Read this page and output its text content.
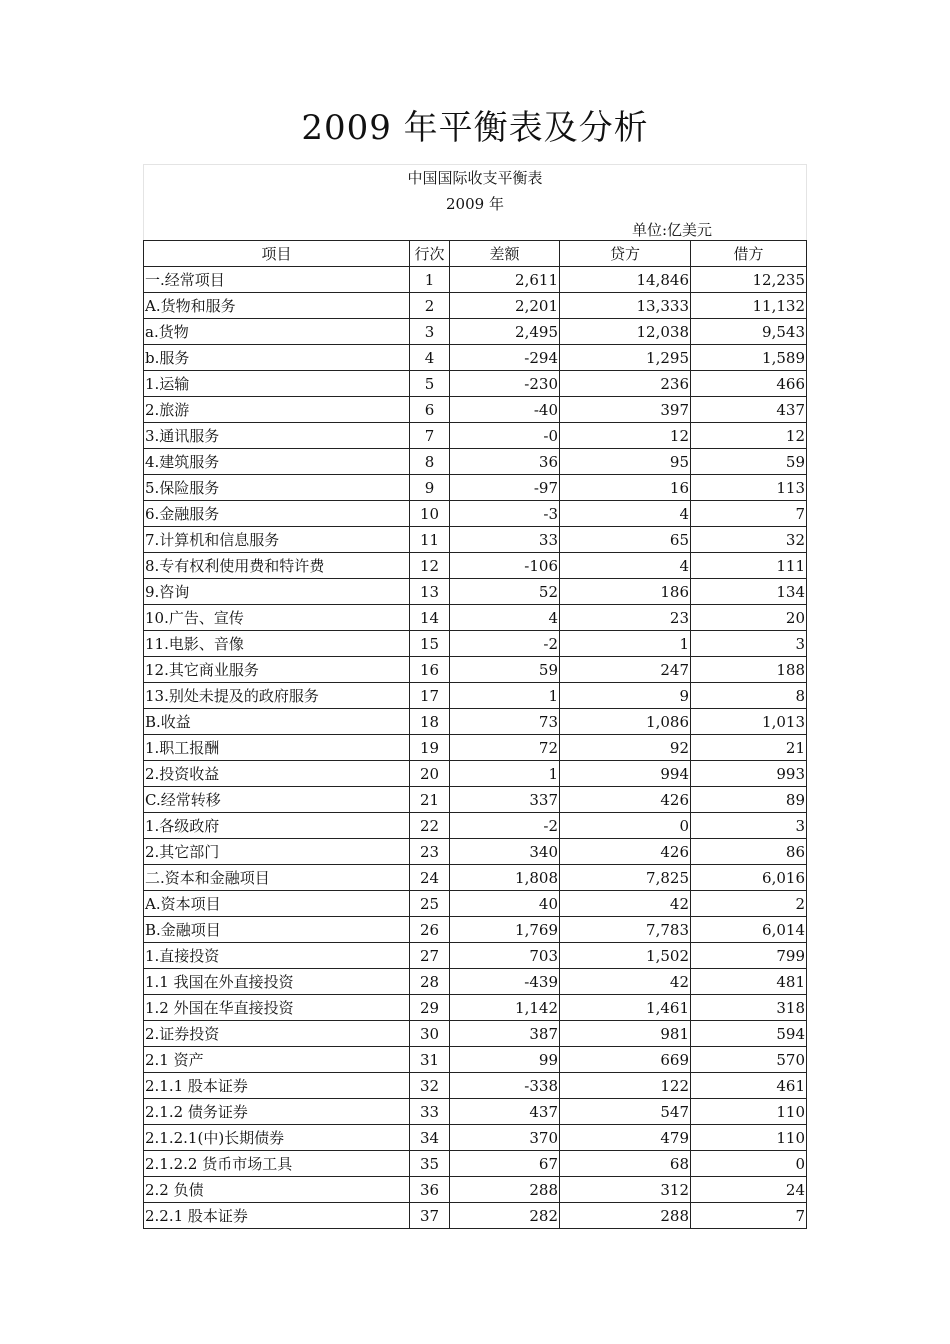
2009 年平衡表及分析
中国国际收支平衡表
2009 年
单位:亿美元
项目	行次	差额	贷方	借方
一.经常项目	1	2,611	14,846	12,235
A.货物和服务	2	2,201	13,333	11,132
a.货物	3	2,495	12,038	9,543
b.服务	4	-294	1,295	1,589
1.运输	5	-230	236	466
2.旅游	6	-40	397	437
3.通讯服务	7	-0	12	12
4.建筑服务	8	36	95	59
5.保险服务	9	-97	16	113
6.金融服务	10	-3	4	7
7.计算机和信息服务	11	33	65	32
8.专有权利使用费和特许费	12	-106	4	111
9.咨询	13	52	186	134
10.广告、宣传	14	4	23	20
11.电影、音像	15	-2	1	3
12.其它商业服务	16	59	247	188
13.别处未提及的政府服务	17	1	9	8
B.收益	18	73	1,086	1,013
1.职工报酬	19	72	92	21
2.投资收益	20	1	994	993
C.经常转移	21	337	426	89
1.各级政府	22	-2	0	3
2.其它部门	23	340	426	86
二.资本和金融项目	24	1,808	7,825	6,016
A.资本项目	25	40	42	2
B.金融项目	26	1,769	7,783	6,014
1.直接投资	27	703	1,502	799
1.1 我国在外直接投资	28	-439	42	481
1.2 外国在华直接投资	29	1,142	1,461	318
2.证券投资	30	387	981	594
2.1 资产	31	99	669	570
2.1.1 股本证券	32	-338	122	461
2.1.2 债务证券	33	437	547	110
2.1.2.1(中)长期债券	34	370	479	110
2.1.2.2 货币市场工具	35	67	68	0
2.2 负债	36	288	312	24
2.2.1 股本证券	37	282	288	7
